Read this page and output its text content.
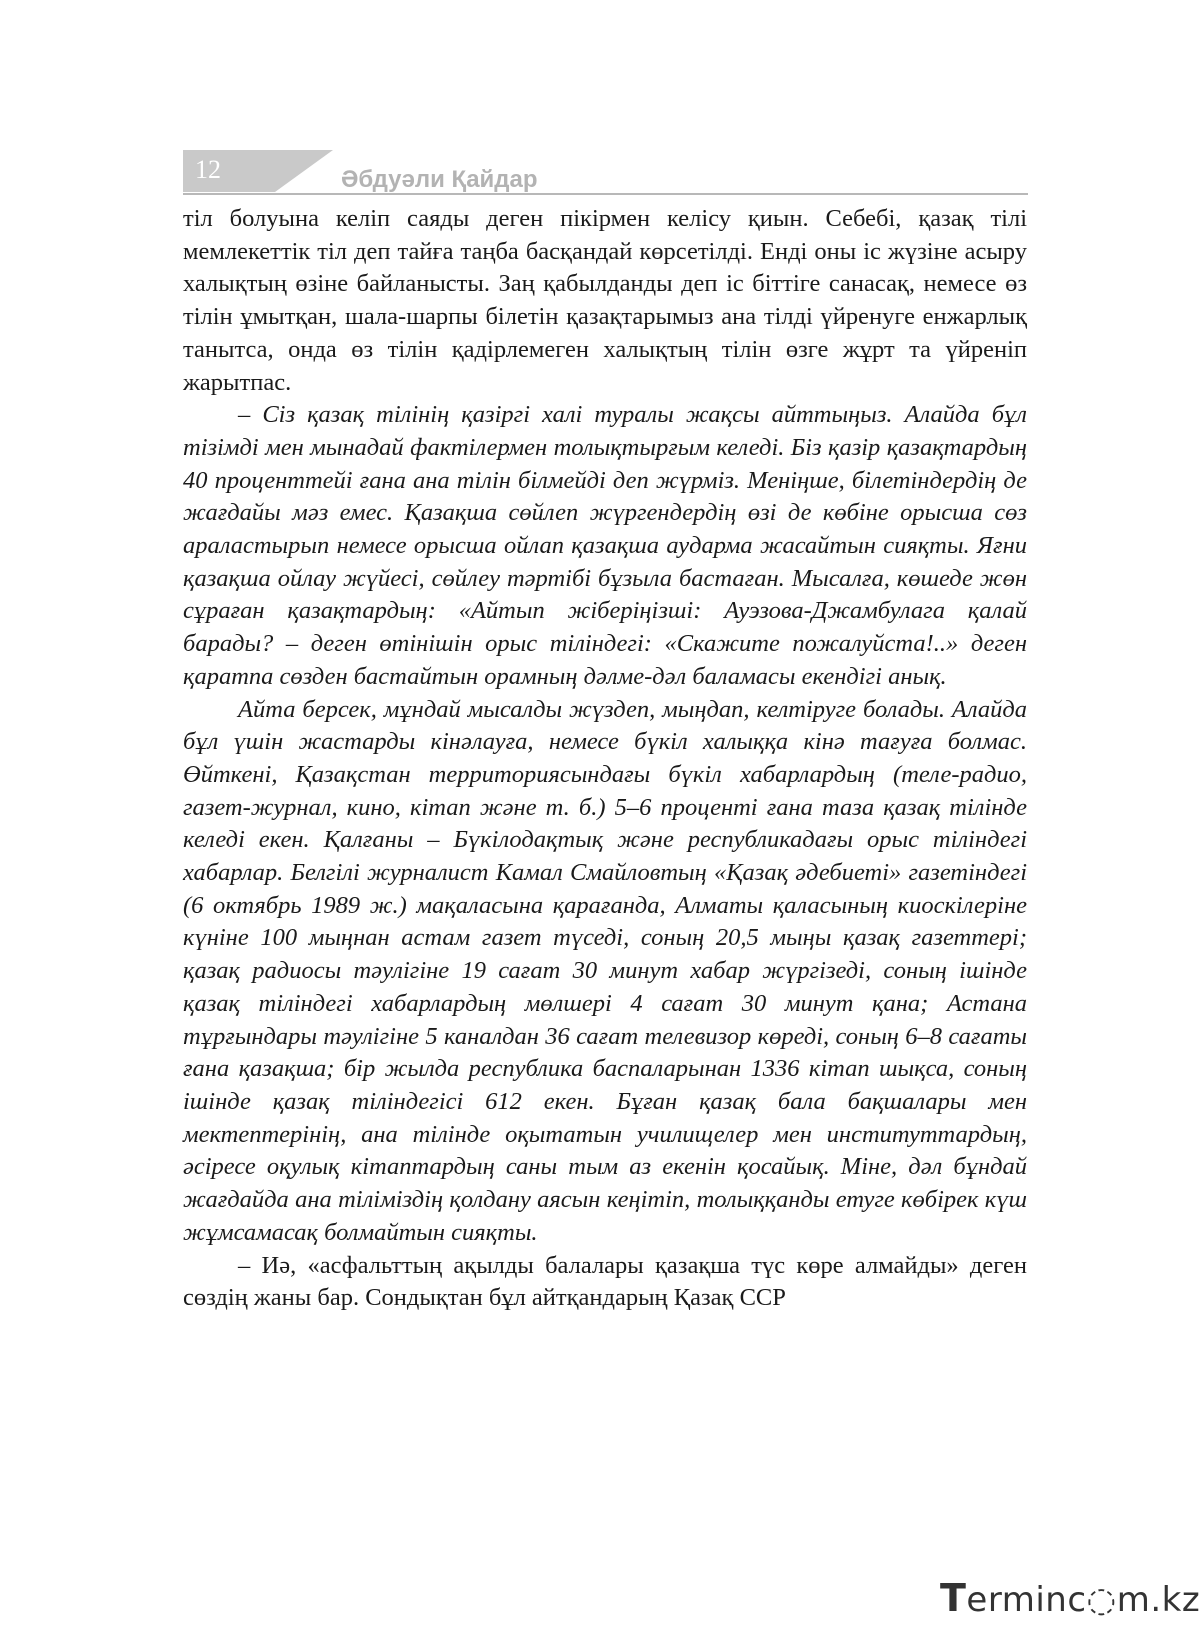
12	Әбдуәли Қайдар

тіл болуына келіп саяды деген пікірмен келісу қиын. Себебі, қазақ тілі мемлекеттік тіл деп тайға таңба басқандай көрсетілді. Енді оны іс жүзіне асыру халықтың өзіне байланысты. Заң қабылданды деп іс біттіге санасақ, немесе өз тілін ұмытқан, шала-шарпы білетін қазақтарымыз ана тілді үйренуге енжарлық танытса, онда өз тілін қадірлемеген халықтың тілін өзге жұрт та үйреніп жарытпас.

– Сіз қазақ тілінің қазіргі халі туралы жақсы айттыңыз. Алайда бұл тізімді мен мынадай фактілермен толықтырғым келеді. Біз қазір қазақтардың 40 проценттейі ғана ана тілін білмейді деп жүрміз. Меніңше, білетіндердің де жағдайы мәз емес. Қазақша сөйлеп жүргендердің өзі де көбіне орысша сөз араластырып немесе орысша ойлап қазақша аударма жасайтын сияқты. Яғни қазақша ойлау жүйесі, сөйлеу тәртібі бұзыла бастаған. Мысалға, көшеде жөн сұраған қазақтардың: «Айтып жіберіңізші: Ауэзова-Джамбулага қалай барады? – деген өтінішін орыс тіліндегі: «Скажите пожалуйста!..» деген қаратпа сөзден бастайтын орамның дәлме-дәл баламасы екендігі анық.

Айта берсек, мұндай мысалды жүздеп, мыңдап, келтіруге болады. Алайда бұл үшін жастарды кінәлауға, немесе бүкіл халыққа кінә тағуға болмас. Өйткені, Қазақстан территориясындағы бүкіл хабарлардың (теле-радио, газет-журнал, кино, кітап және т. б.) 5–6 проценті ғана таза қазақ тілінде келеді екен. Қалғаны – Бүкілодақтық және республикадағы орыс тіліндегі хабарлар. Белгілі журналист Камал Смайловтың «Қазақ әдебиеті» газетіндегі (6 октябрь 1989 ж.) мақаласына қарағанда, Алматы қаласының киоскілеріне күніне 100 мыңнан астам газет түседі, соның 20,5 мыңы қазақ газеттері; қазақ радиосы тәулігіне 19 сағат 30 минут хабар жүргізеді, соның ішінде қазақ тіліндегі хабарлардың мөлшері 4 сағат 30 минут қана; Астана тұрғындары тәулігіне 5 каналдан 36 сағат телевизор көреді, соның 6–8 сағаты ғана қазақша; бір жылда республика баспаларынан 1336 кітап шықса, соның ішінде қазақ тіліндегісі 612 екен. Бұған қазақ бала бақшалары мен мектептерінің, ана тілінде оқытатын училищелер мен институттардың, әсіресе оқулық кітаптардың саны тым аз екенін қосайық. Міне, дәл бұндай жағдайда ана тіліміздің қолдану аясын кеңітіп, толыққанды етуге көбірек күш жұмсамасақ болмайтын сияқты.

– Иә, «асфальттың ақылды балалары қазақша түс көре алмайды» деген сөздің жаны бар. Сондықтан бұл айтқандарың Қазақ ССР

Terminc◌m.kz
